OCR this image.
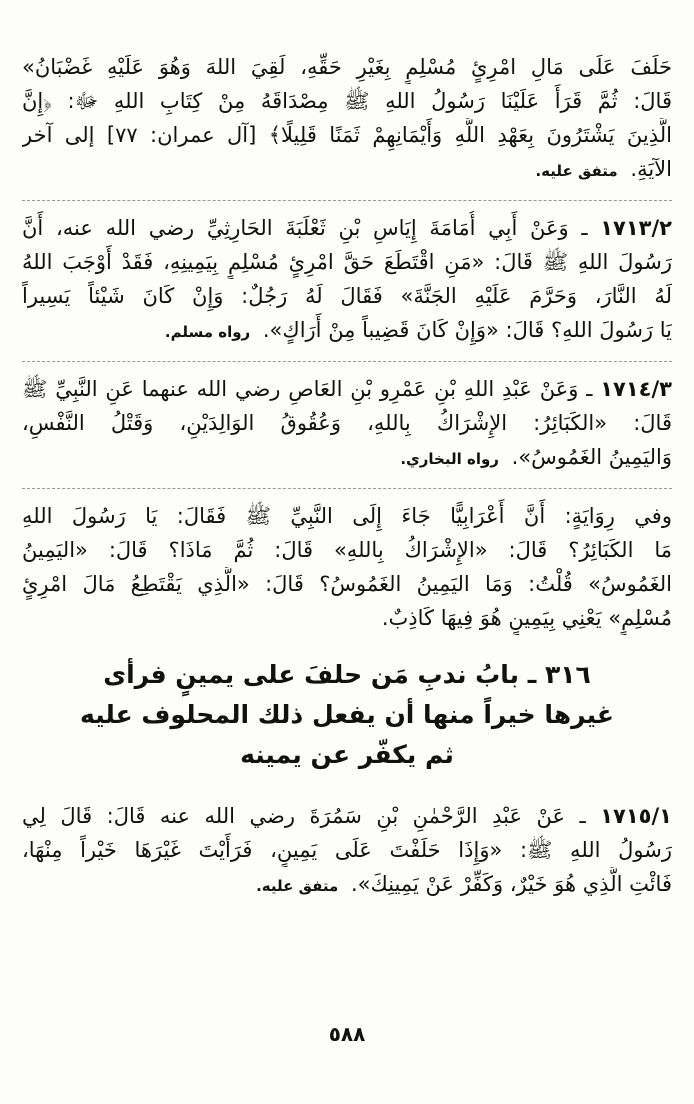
حَلَفَ عَلَى مَالِ امْرِئٍ مُسْلِمٍ بِغَيْرِ حَقِّهِ، لَقِيَ اللهَ وَهُوَ عَلَيْهِ غَضْبَانُ»
قَالَ: ثُمَّ قَرَأَ عَلَيْنَا رَسُولُ اللهِ ﷺ مِصْدَاقَهُ مِنْ كِتَابِ اللهِ ﷻ: ﴿إِنَّ
الَّذِينَ يَشْتَرُونَ بِعَهْدِ اللَّهِ وَأَيْمَانِهِمْ ثَمَنًا قَلِيلًا﴾ [آل عمران: ٧٧] إلى آخر
الآيَةِ. متفق عليه.
١٧١٣/٢ ـ وَعَنْ أَبِي أُمَامَةَ إِيَاسِ بْنِ ثَعْلَبَةَ الحَارِثِيِّ رضي الله عنه، أَنَّ
رَسُولَ اللهِ ﷺ قَالَ: «مَنِ اقْتَطَعَ حَقَّ امْرِئٍ مُسْلِمٍ بِيَمِينِهِ، فَقَدْ أَوْجَبَ اللهُ
لَهُ النَّارَ، وَحَرَّمَ عَلَيْهِ الجَنَّةَ» فَقَالَ لَهُ رَجُلٌ: وَإِنْ كَانَ شَيْئاً يَسِيراً
يَا رَسُولَ اللهِ؟ قَالَ: «وَإِنْ كَانَ قَضِيباً مِنْ أَرَاكٍ». رواه مسلم.
١٧١٤/٣ ـ وَعَنْ عَبْدِ اللهِ بْنِ عَمْرِو بْنِ العَاصِ رضي الله عنهما عَنِ النَّبِيِّ ﷺ
قَالَ: «الكَبَائِرُ: الإِشْرَاكُ بِاللهِ، وَعُقُوقُ الوَالِدَيْنِ، وَقَتْلُ النَّفْسِ،
وَاليَمِينُ الغَمُوسُ». رواه البخاري.
وفي رِوَايَةٍ: أَنَّ أَعْرَابِيًّا جَاءَ إِلَى النَّبِيِّ ﷺ فَقَالَ: يَا رَسُولَ اللهِ
مَا الكَبَائِرُ؟ قَالَ: «الإِشْرَاكُ بِاللهِ» قَالَ: ثُمَّ مَاذَا؟ قَالَ: «اليَمِينُ
الغَمُوسُ» قُلْتُ: وَمَا اليَمِينُ الغَمُوسُ؟ قَالَ: «الَّذِي يَقْتَطِعُ مَالَ امْرِئٍ
مُسْلِمٍ» يَعْنِي بِيَمِينٍ هُوَ فِيهَا كَاذِبٌ.
٣١٦ ـ بابُ ندبِ مَن حلفَ على يمينٍ فرأى
غيرها خيراً منها أن يفعل ذلك المحلوف عليه
ثم يكفّر عن يمينه
١٧١٥/١ ـ عَنْ عَبْدِ الرَّحْمٰنِ بْنِ سَمُرَةَ رضي الله عنه قَالَ: قَالَ لِي
رَسُولُ اللهِ ﷺ: «وَإِذَا حَلَفْتَ عَلَى يَمِينٍ، فَرَأَيْتَ غَيْرَهَا خَيْراً مِنْهَا،
فَائْتِ الَّذِي هُوَ خَيْرٌ، وَكَفِّرْ عَنْ يَمِينِكَ». متفق عليه.
٥٨٨
